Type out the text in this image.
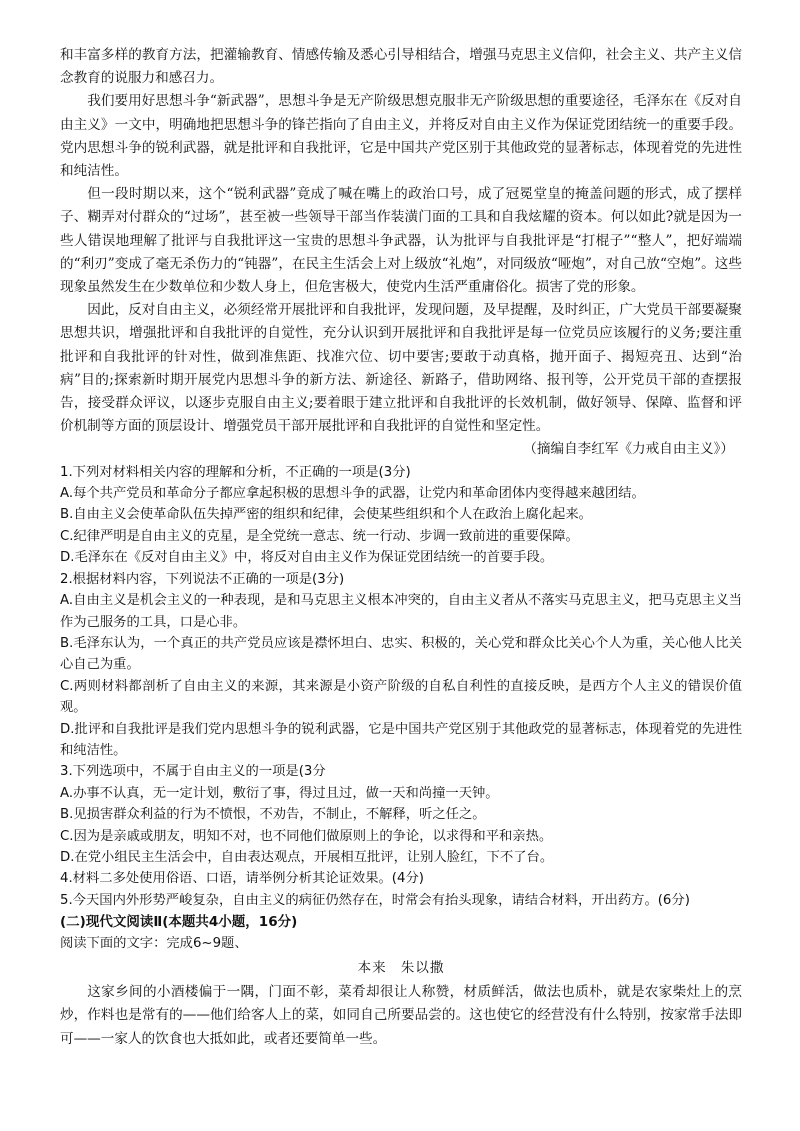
和丰富多样的教育方法，把灌输教育、情感传输及悉心引导相结合，增强马克思主义信仰，社会主义、共产主义信念教育的说服力和感召力。

我们要用好思想斗争“新武器”，思想斗争是无产阶级思想克服非无产阶级思想的重要途径，毛泽东在《反对自由主义》一文中，明确地把思想斗争的锋芒指向了自由主义，并将反对自由主义作为保证党团结统一的重要手段。党内思想斗争的锐利武器，就是批评和自我批评，它是中国共产党区别于其他政党的显著标志，体现着党的先进性和纯洁性。

但一段时期以来，这个“锐利武器”竟成了喊在嘴上的政治口号，成了冠冕堂皇的掩盖问题的形式，成了摆样子、糊弄对付群众的“过场”，甚至被一些领导干部当作装潢门面的工具和自我炫耀的资本。何以如此?就是因为一些人错误地理解了批评与自我批评这一宝贵的思想斗争武器，认为批评与自我批评是“打棍子”“整人”，把好端端的“利刃”变成了毫无杀伤力的“钝器”，在民主生活会上对上级放“礼炮”，对同级放“哑炮”，对自己放“空炮”。这些现象虽然发生在少数单位和少数人身上，但危害极大，使党内生活严重庸俗化。损害了党的形象。

因此，反对自由主义，必须经常开展批评和自我批评，发现问题，及早提醒，及时纠正，广大党员干部要凝聚思想共识，增强批评和自我批评的自觉性，充分认识到开展批评和自我批评是每一位党员应该履行的义务;要注重批评和自我批评的针对性，做到准焦距、找准穴位、切中要害;要敢于动真格，抛开面子、揭短亮丑、达到“治病”目的;探索新时期开展党内思想斗争的新方法、新途径、新路子，借助网络、报刊等，公开党员干部的查摆报告，接受群众评议，以逐步克服自由主义;要着眼于建立批评和自我批评的长效机制，做好领导、保障、监督和评价机制等方面的顶层设计、增强党员干部开展批评和自我批评的自觉性和坚定性。

（摘编自李红军《力戒自由主义》）

1.下列对材料相关内容的理解和分析，不正确的一项是(3分)

A.每个共产党员和革命分子都应拿起积极的思想斗争的武器，让党内和革命团体内变得越来越团结。

B.自由主义会使革命队伍失掉严密的组织和纪律，会使某些组织和个人在政治上腐化起来。

C.纪律严明是自由主义的克星，是全党统一意志、统一行动、步调一致前进的重要保障。

D.毛泽东在《反对自由主义》中，将反对自由主义作为保证党团结统一的首要手段。

2.根据材料内容，下列说法不正确的一项是(3分)

A.自由主义是机会主义的一种表现，是和马克思主义根本冲突的，自由主义者从不落实马克思主义，把马克思主义当作为己服务的工具，口是心非。

B.毛泽东认为，一个真正的共产党员应该是襟怀坦白、忠实、积极的，关心党和群众比关心个人为重，关心他人比关心自己为重。

C.两则材料都剖析了自由主义的来源，其来源是小资产阶级的自私自利性的直接反映，是西方个人主义的错误价值观。

D.批评和自我批评是我们党内思想斗争的锐利武器，它是中国共产党区别于其他政党的显著标志，体现着党的先进性和纯洁性。

3.下列选项中，不属于自由主义的一项是(3分

A.办事不认真，无一定计划，敷衍了事，得过且过，做一天和尚撞一天钟。

B.见损害群众利益的行为不愤恨，不劝告，不制止，不解释，听之任之。

C.因为是亲戚或朋友，明知不对，也不同他们做原则上的争论，以求得和平和亲热。

D.在党小组民主生活会中，自由表达观点，开展相互批评，让别人脸红，下不了台。

4.材料二多处使用俗语、口语，请举例分析其论证效果。(4分)

5.今天国内外形势严峻复杂，自由主义的病征仍然存在，时常会有抬头现象，请结合材料，开出药方。(6分)

(二)现代文阅读Ⅱ(本题共4小题，16分)

阅读下面的文字：完成6~9题、

本来 朱以撒

这家乡间的小酒楼偏于一隅，门面不彰，菜肴却很让人称赞，材质鲜活，做法也质朴，就是农家柴灶上的烹炒，作料也是常有的——他们给客人上的菜，如同自己所要品尝的。这也使它的经营没有什么特别，按家常手法即可——一家人的饮食也大抵如此，或者还要简单一些。
